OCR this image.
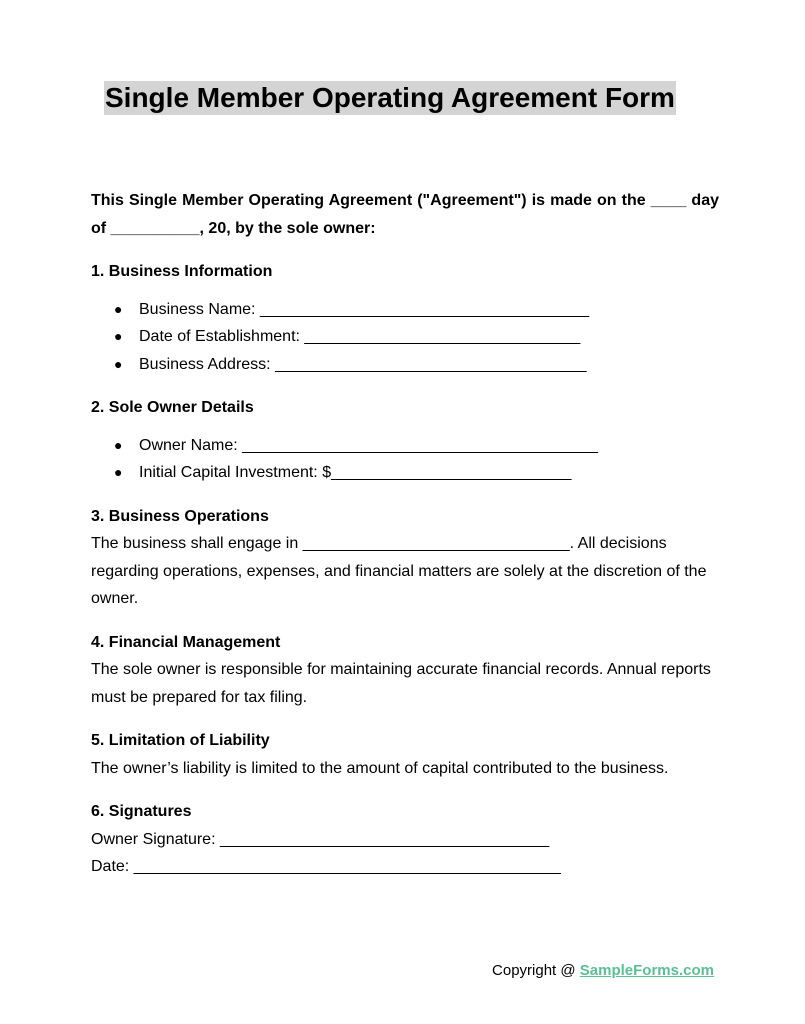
Single Member Operating Agreement Form

This Single Member Operating Agreement ("Agreement") is made on the ____ day of __________, 20, by the sole owner:

1. Business Information

● Business Name: _____________________________________
● Date of Establishment: _______________________________
● Business Address: ___________________________________

2. Sole Owner Details

● Owner Name: ________________________________________
● Initial Capital Investment: $___________________________

3. Business Operations

The business shall engage in ______________________________. All decisions regarding operations, expenses, and financial matters are solely at the discretion of the owner.

4. Financial Management

The sole owner is responsible for maintaining accurate financial records. Annual reports must be prepared for tax filing.

5. Limitation of Liability

The owner’s liability is limited to the amount of capital contributed to the business.

6. Signatures

Owner Signature: _____________________________________

Date: ________________________________________________

Copyright @ SampleForms.com
